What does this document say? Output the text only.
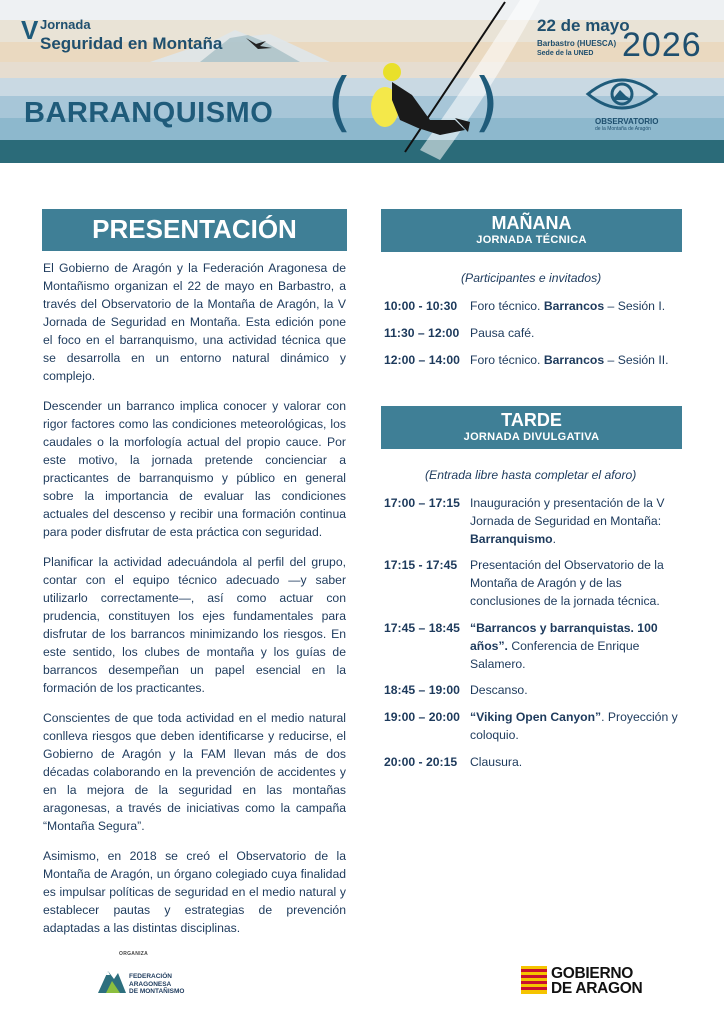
V Jornada
Seguridad en Montaña
BARRANQUISMO ( )
22 de mayo
Barbastro (HUESCA)
Sede de la UNED 2026
OBSERVATORIO
de la Montaña de Aragón
PRESENTACIÓN

El Gobierno de Aragón y la Federación Aragonesa de Montañismo organizan el 22 de mayo en Barbastro, a través del Observatorio de la Montaña de Aragón, la V Jornada de Seguridad en Montaña. Esta edición pone el foco en el barranquismo, una actividad técnica que se desarrolla en un entorno natural dinámico y complejo.

Descender un barranco implica conocer y valorar con rigor factores como las condiciones meteorológicas, los caudales o la morfología actual del propio cauce. Por este motivo, la jornada pretende concienciar a practicantes de barranquismo y público en general sobre la importancia de evaluar las condiciones actuales del descenso y recibir una formación continua para poder disfrutar de esta práctica con seguridad.

Planificar la actividad adecuándola al perfil del grupo, contar con el equipo técnico adecuado —y saber utilizarlo correctamente—, así como actuar con prudencia, constituyen los ejes fundamentales para disfrutar de los barrancos minimizando los riesgos. En este sentido, los clubes de montaña y los guías de barrancos desempeñan un papel esencial en la formación de los practicantes.

Conscientes de que toda actividad en el medio natural conlleva riesgos que deben identificarse y reducirse, el Gobierno de Aragón y la FAM llevan más de dos décadas colaborando en la prevención de accidentes y en la mejora de la seguridad en las montañas aragonesas, a través de iniciativas como la campaña “Montaña Segura”.

Asimismo, en 2018 se creó el Observatorio de la Montaña de Aragón, un órgano colegiado cuya finalidad es impulsar políticas de seguridad en el medio natural y establecer pautas y estrategias de prevención adaptadas a las distintas disciplinas.

MAÑANA
JORNADA TÉCNICA
(Participantes e invitados)
10:00 - 10:30	Foro técnico. Barrancos – Sesión I.
11:30 – 12:00 Pausa café.
12:00 – 14:00 Foro técnico. Barrancos – Sesión II.
TARDE
JORNADA DIVULGATIVA
(Entrada libre hasta completar el aforo)
17:00 – 17:15 Inauguración y presentación de la V Jornada de Seguridad en Montaña: Barranquismo.
17:15 - 17:45	Presentación del Observatorio de la Montaña de Aragón y de las conclusiones de la jornada técnica.
17:45 – 18:45 “Barrancos y barranquistas. 100 años”. Conferencia de Enrique Salamero.
18:45 – 19:00 Descanso.
19:00 – 20:00 “Viking Open Canyon”. Proyección y coloquio.
20:00 - 20:15	Clausura.
ORGANIZA
FEDERACIÓN
ARAGONESA
DE MONTAÑISMO
GOBIERNO
DE ARAGON
